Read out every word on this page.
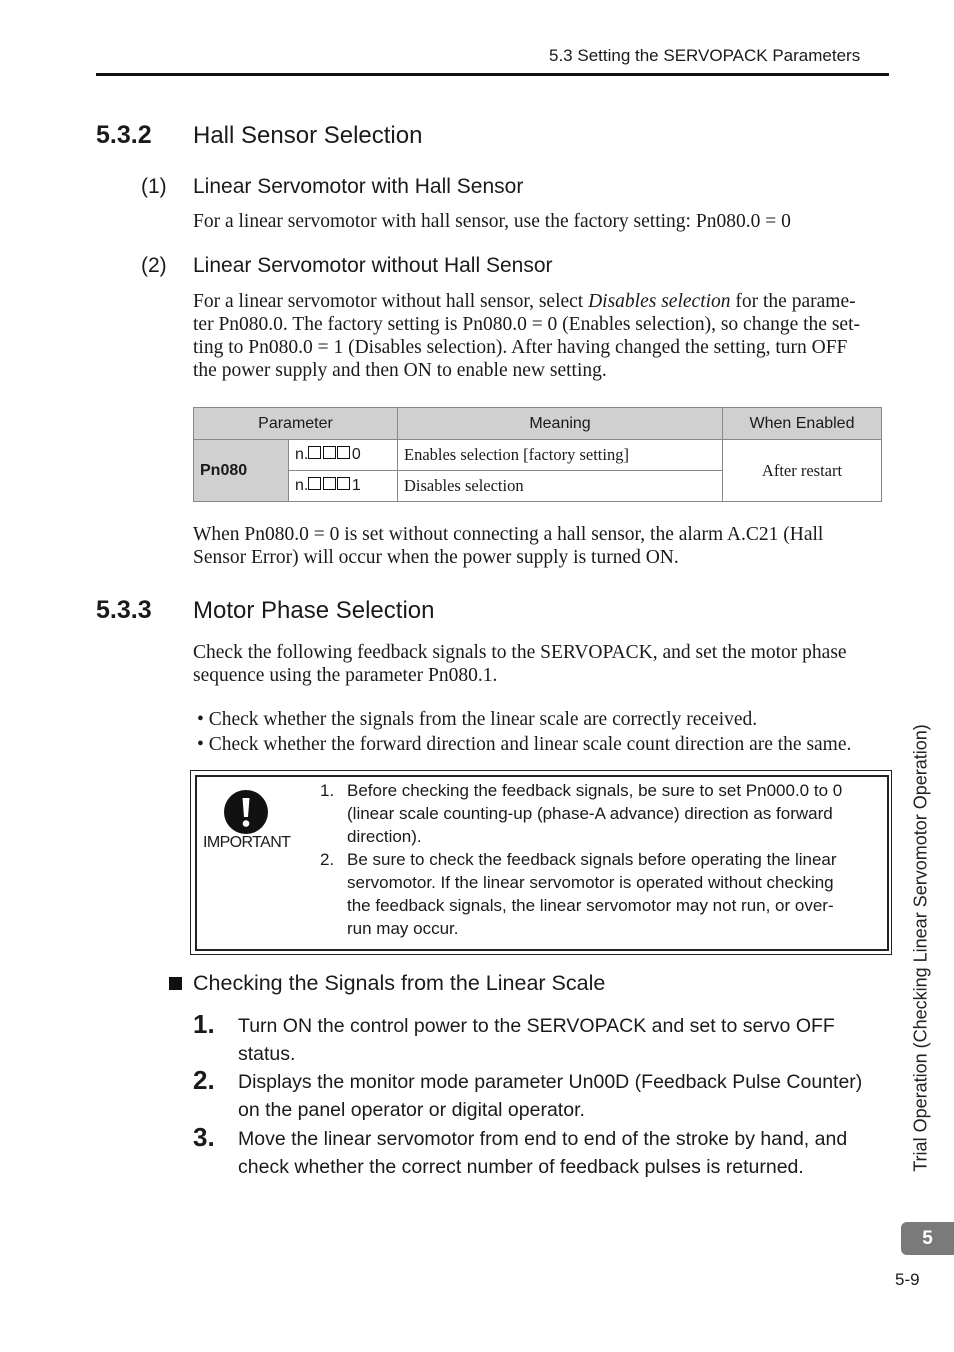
5.3 Setting the SERVOPACK Parameters
5.3.2 Hall Sensor Selection
(1) Linear Servomotor with Hall Sensor
For a linear servomotor with hall sensor, use the factory setting: Pn080.0 = 0
(2) Linear Servomotor without Hall Sensor
For a linear servomotor without hall sensor, select Disables selection for the parame-
ter Pn080.0. The factory setting is Pn080.0 = 0 (Enables selection), so change the set-
ting to Pn080.0 = 1 (Disables selection). After having changed the setting, turn OFF
the power supply and then ON to enable new setting.
Parameter		Meaning	When Enabled
Pn080	n. 0	Enables selection [factory setting]	After restart
	n. 1	Disables selection	
When Pn080.0 = 0 is set without connecting a hall sensor, the alarm A.C21 (Hall
Sensor Error) will occur when the power supply is turned ON.
5.3.3 Motor Phase Selection
Check the following feedback signals to the SERVOPACK, and set the motor phase
sequence using the parameter Pn080.1.
• Check whether the signals from the linear scale are correctly received.
• Check whether the forward direction and linear scale count direction are the same.
IMPORTANT
1. Before checking the feedback signals, be sure to set Pn000.0 to 0
(linear scale counting-up (phase-A advance) direction as forward
direction).
2. Be sure to check the feedback signals before operating the linear
servomotor. If the linear servomotor is operated without checking
the feedback signals, the linear servomotor may not run, or over-
run may occur.
Checking the Signals from the Linear Scale
1. Turn ON the control power to the SERVOPACK and set to servo OFF
status.
2. Displays the monitor mode parameter Un00D (Feedback Pulse Counter)
on the panel operator or digital operator.
3. Move the linear servomotor from end to end of the stroke by hand, and
check whether the correct number of feedback pulses is returned.	Trial Operation (Checking Linear Servomotor Operation)
5
5-9
